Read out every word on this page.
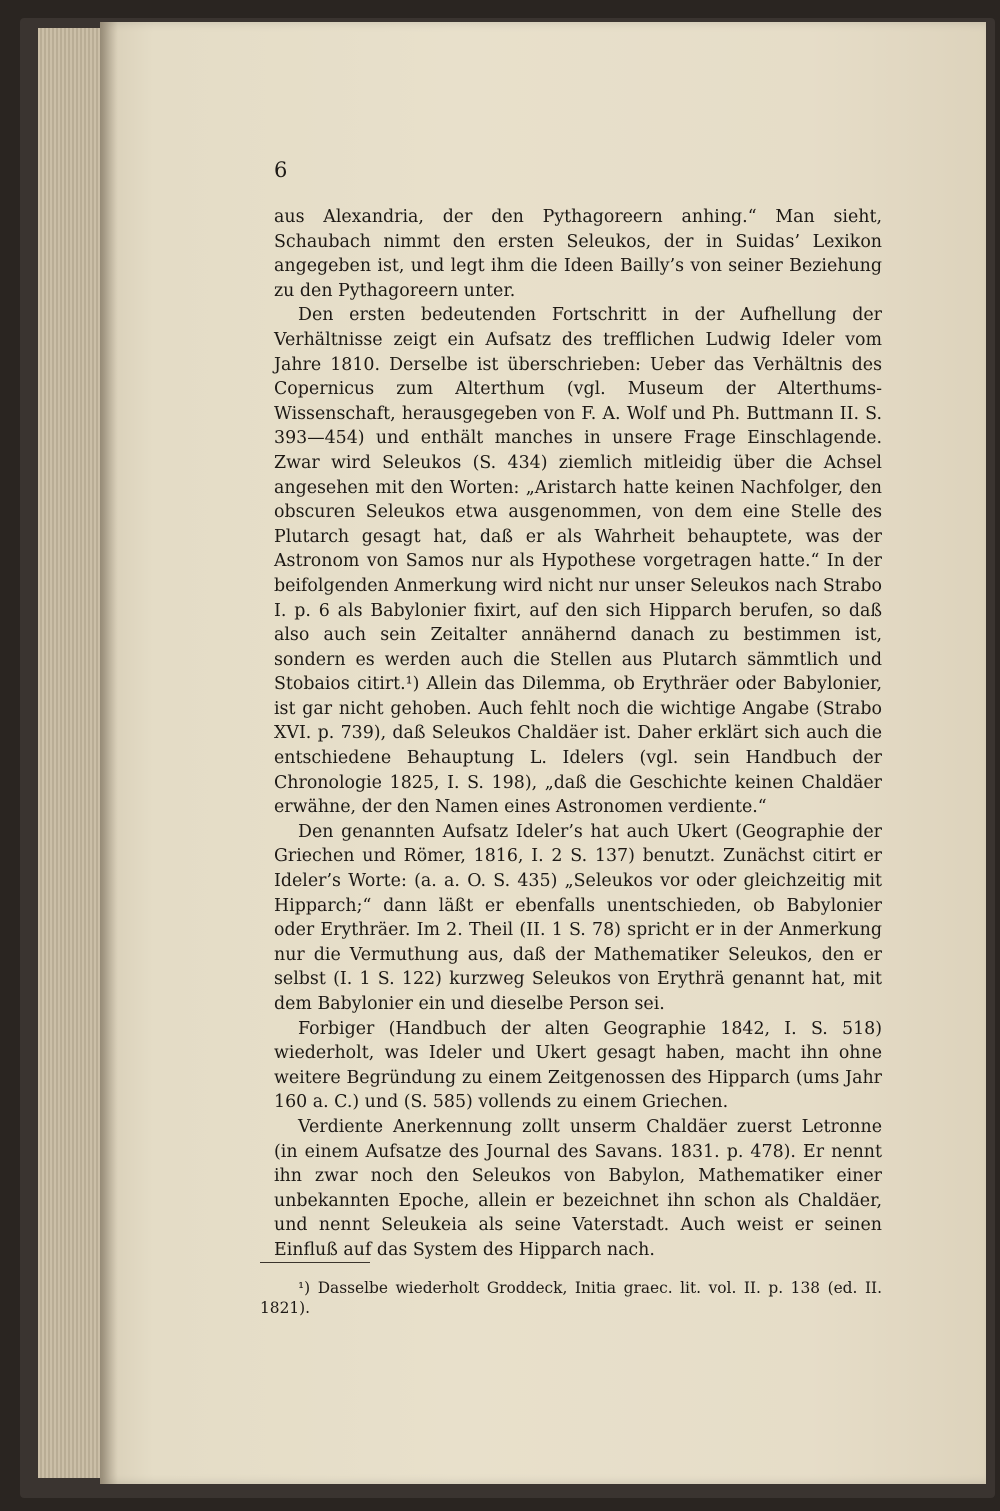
6

aus Alexandria, der den Pythagoreern anhing.“ Man sieht, Schaubach nimmt den ersten Seleukos, der in Suidas’ Lexikon angegeben ist, und legt ihm die Ideen Bailly’s von seiner Beziehung zu den Pythagoreern unter.

Den ersten bedeutenden Fortschritt in der Aufhellung der Verhältnisse zeigt ein Aufsatz des trefflichen Ludwig Ideler vom Jahre 1810. Derselbe ist überschrieben: Ueber das Verhältnis des Copernicus zum Alterthum (vgl. Museum der Alterthums-Wissenschaft, herausgegeben von F. A. Wolf und Ph. Buttmann II. S. 393—454) und enthält manches in unsere Frage Einschlagende. Zwar wird Seleukos (S. 434) ziemlich mitleidig über die Achsel angesehen mit den Worten: „Aristarch hatte keinen Nachfolger, den obscuren Seleukos etwa ausgenommen, von dem eine Stelle des Plutarch gesagt hat, daß er als Wahrheit behauptete, was der Astronom von Samos nur als Hypothese vorgetragen hatte.“ In der beifolgenden Anmerkung wird nicht nur unser Seleukos nach Strabo I. p. 6 als Babylonier fixirt, auf den sich Hipparch berufen, so daß also auch sein Zeitalter annähernd danach zu bestimmen ist, sondern es werden auch die Stellen aus Plutarch sämmtlich und Stobaios citirt.¹) Allein das Dilemma, ob Erythräer oder Babylonier, ist gar nicht gehoben. Auch fehlt noch die wichtige Angabe (Strabo XVI. p. 739), daß Seleukos Chaldäer ist. Daher erklärt sich auch die entschiedene Behauptung L. Idelers (vgl. sein Handbuch der Chronologie 1825, I. S. 198), „daß die Geschichte keinen Chaldäer erwähne, der den Namen eines Astronomen verdiente.“

Den genannten Aufsatz Ideler’s hat auch Ukert (Geographie der Griechen und Römer, 1816, I. 2 S. 137) benutzt. Zunächst citirt er Ideler’s Worte: (a. a. O. S. 435) „Seleukos vor oder gleichzeitig mit Hipparch;“ dann läßt er ebenfalls unentschieden, ob Babylonier oder Erythräer. Im 2. Theil (II. 1 S. 78) spricht er in der Anmerkung nur die Vermuthung aus, daß der Mathematiker Seleukos, den er selbst (I. 1 S. 122) kurzweg Seleukos von Erythrä genannt hat, mit dem Babylonier ein und dieselbe Person sei.

Forbiger (Handbuch der alten Geographie 1842, I. S. 518) wiederholt, was Ideler und Ukert gesagt haben, macht ihn ohne weitere Begründung zu einem Zeitgenossen des Hipparch (ums Jahr 160 a. C.) und (S. 585) vollends zu einem Griechen.

Verdiente Anerkennung zollt unserm Chaldäer zuerst Letronne (in einem Aufsatze des Journal des Savans. 1831. p. 478). Er nennt ihn zwar noch den Seleukos von Babylon, Mathematiker einer unbekannten Epoche, allein er bezeichnet ihn schon als Chaldäer, und nennt Seleukeia als seine Vaterstadt. Auch weist er seinen Einfluß auf das System des Hipparch nach.

¹) Dasselbe wiederholt Groddeck, Initia graec. lit. vol. II. p. 138 (ed. II. 1821).
